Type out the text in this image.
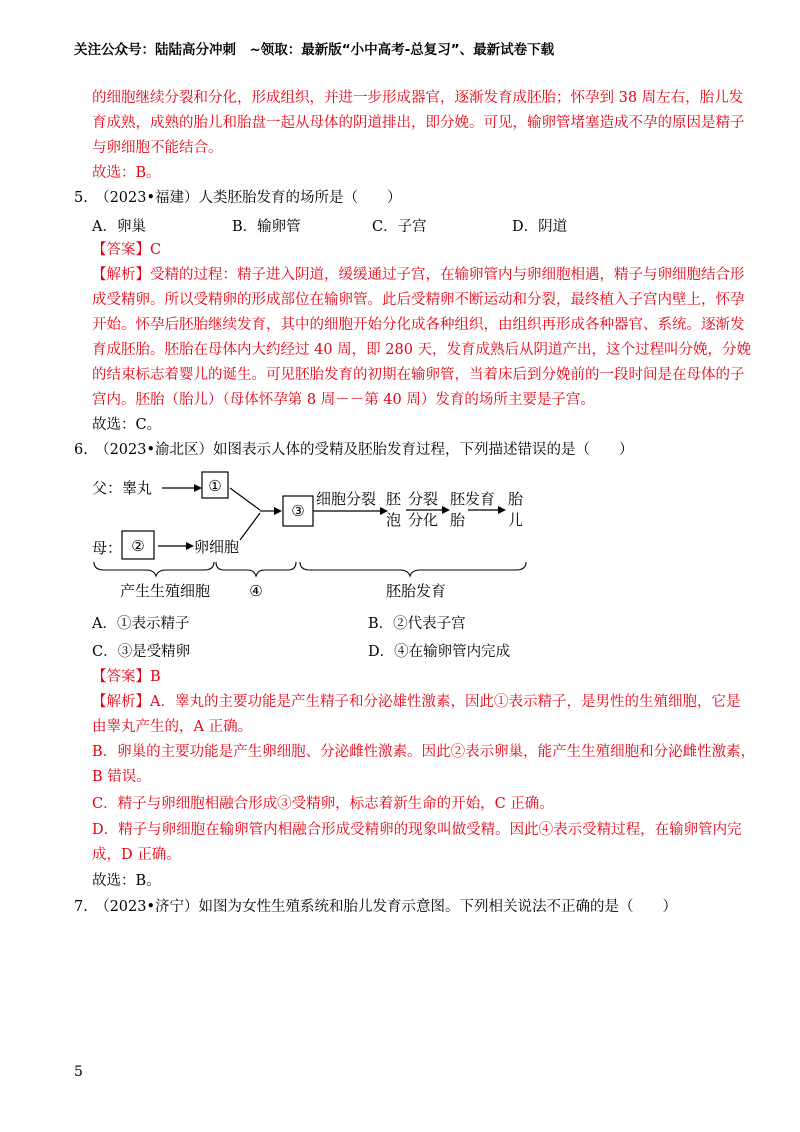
关注公众号：陆陆高分冲刺　~领取：最新版“小中高考-总复习”、最新试卷下载
的细胞继续分裂和分化，形成组织，并进一步形成器官，逐渐发育成胚胎；怀孕到 38 周左右，胎儿发
育成熟，成熟的胎儿和胎盘一起从母体的阴道排出，即分娩。可见，输卵管堵塞造成不孕的原因是精子
与卵细胞不能结合。
故选：B。
5.　（2023•福建）人类胚胎发育的场所是（　　）
A．卵巢	B．输卵管	C．子宫	D．阴道
【答案】C
【解析】受精的过程：精子进入阴道，缓缓通过子宫，在输卵管内与卵细胞相遇，精子与卵细胞结合形
成受精卵。所以受精卵的形成部位在输卵管。此后受精卵不断运动和分裂，最终植入子宫内壁上，怀孕
开始。怀孕后胚胎继续发育，其中的细胞开始分化成各种组织，由组织再形成各种器官、系统。逐渐发
育成胚胎。胚胎在母体内大约经过 40 周，即 280 天，发育成熟后从阴道产出，这个过程叫分娩，分娩
的结束标志着婴儿的诞生。可见胚胎发育的初期在输卵管，当着床后到分娩前的一段时间是在母体的子
宫内。胚胎（胎儿）（母体怀孕第 8 周－－第 40 周）发育的场所主要是子宫。
故选：C。
6.　（2023•渝北区）如图表示人体的受精及胚胎发育过程，下列描述错误的是（　　）
父：睾丸	①
母： ②	卵细胞
③
细胞分裂 胚
泡
分裂
分化
胚发育
胎
胎
儿
产生生殖细胞	④	胚胎发育
A．①表示精子	B．②代表子宫
C．③是受精卵	D．④在输卵管内完成
【答案】B
【解析】A．睾丸的主要功能是产生精子和分泌雄性激素，因此①表示精子，是男性的生殖细胞，它是
由睾丸产生的，A 正确。
B．卵巢的主要功能是产生卵细胞、分泌雌性激素。因此②表示卵巢，能产生生殖细胞和分泌雌性激素，
B 错误。
C．精子与卵细胞相融合形成③受精卵，标志着新生命的开始，C 正确。
D．精子与卵细胞在输卵管内相融合形成受精卵的现象叫做受精。因此④表示受精过程，在输卵管内完
成，D 正确。
故选：B。
7.　（2023•济宁）如图为女性生殖系统和胎儿发育示意图。下列相关说法不正确的是（　　）
5
